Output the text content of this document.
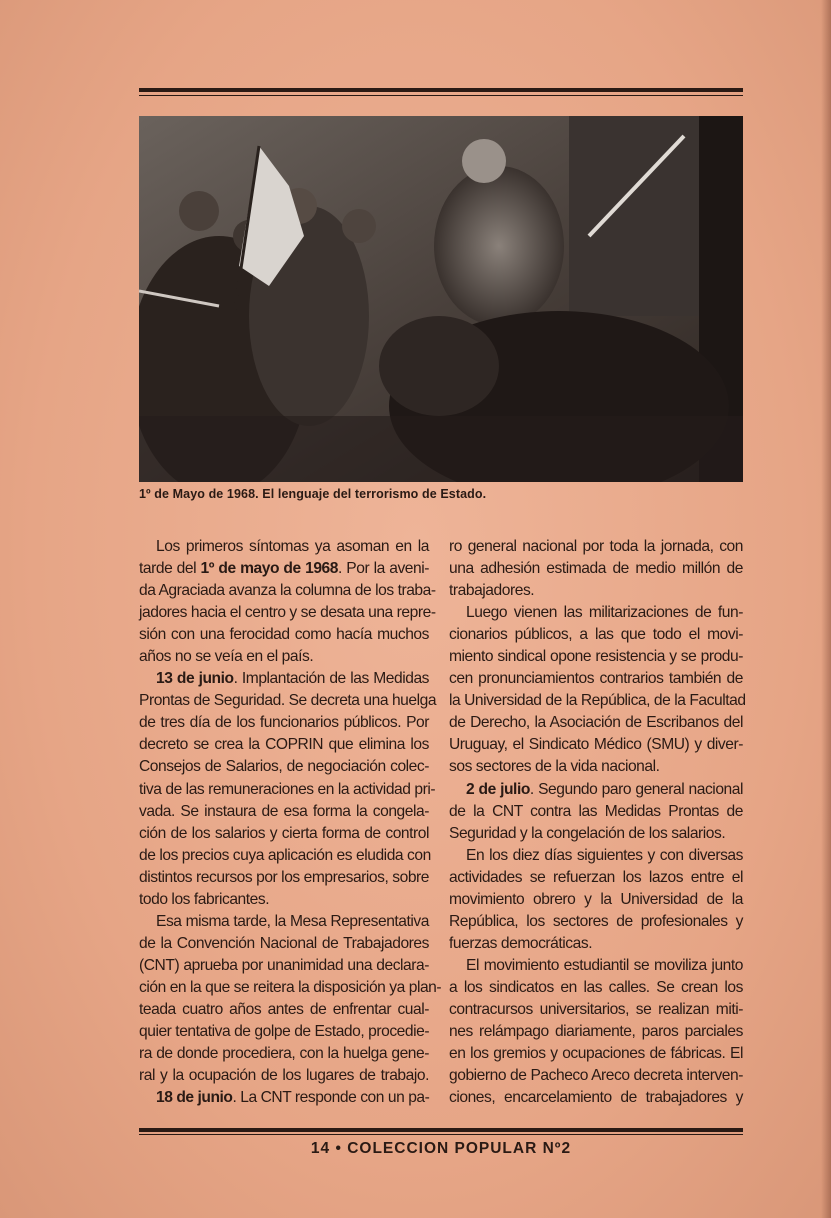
1º de Mayo de 1968. El lenguaje del terrorismo de Estado.
Los primeros síntomas ya asoman en la
tarde del 1º de mayo de 1968. Por la aveni-
da Agraciada avanza la columna de los traba-
jadores hacia el centro y se desata una repre-
sión con una ferocidad como hacía muchos
años no se veía en el país.
13 de junio. Implantación de las Medidas
Prontas de Seguridad. Se decreta una huelga
de tres día de los funcionarios públicos. Por
decreto se crea la COPRIN que elimina los
Consejos de Salarios, de negociación colec-
tiva de las remuneraciones en la actividad pri-
vada. Se instaura de esa forma la congela-
ción de los salarios y cierta forma de control
de los precios cuya aplicación es eludida con
distintos recursos por los empresarios, sobre
todo los fabricantes.
Esa misma tarde, la Mesa Representativa
de la Convención Nacional de Trabajadores
(CNT) aprueba por unanimidad una declara-
ción en la que se reitera la disposición ya plan-
teada cuatro años antes de enfrentar cual-
quier tentativa de golpe de Estado, procedie-
ra de donde procediera, con la huelga gene-
ral y la ocupación de los lugares de trabajo.
18 de junio. La CNT responde con un pa-
ro general nacional por toda la jornada, con
una adhesión estimada de medio millón de
trabajadores.
Luego vienen las militarizaciones de fun-
cionarios públicos, a las que todo el movi-
miento sindical opone resistencia y se produ-
cen pronunciamientos contrarios también de
la Universidad de la República, de la Facultad
de Derecho, la Asociación de Escribanos del
Uruguay, el Sindicato Médico (SMU) y diver-
sos sectores de la vida nacional.
2 de julio. Segundo paro general nacional
de la CNT contra las Medidas Prontas de
Seguridad y la congelación de los salarios.
En los diez días siguientes y con diversas
actividades se refuerzan los lazos entre el
movimiento obrero y la Universidad de la
República, los sectores de profesionales y
fuerzas democráticas.
El movimiento estudiantil se moviliza junto
a los sindicatos en las calles. Se crean los
contracursos universitarios, se realizan miti-
nes relámpago diariamente, paros parciales
en los gremios y ocupaciones de fábricas. El
gobierno de Pacheco Areco decreta interven-
ciones, encarcelamiento de trabajadores y
14 • COLECCION POPULAR Nº2
